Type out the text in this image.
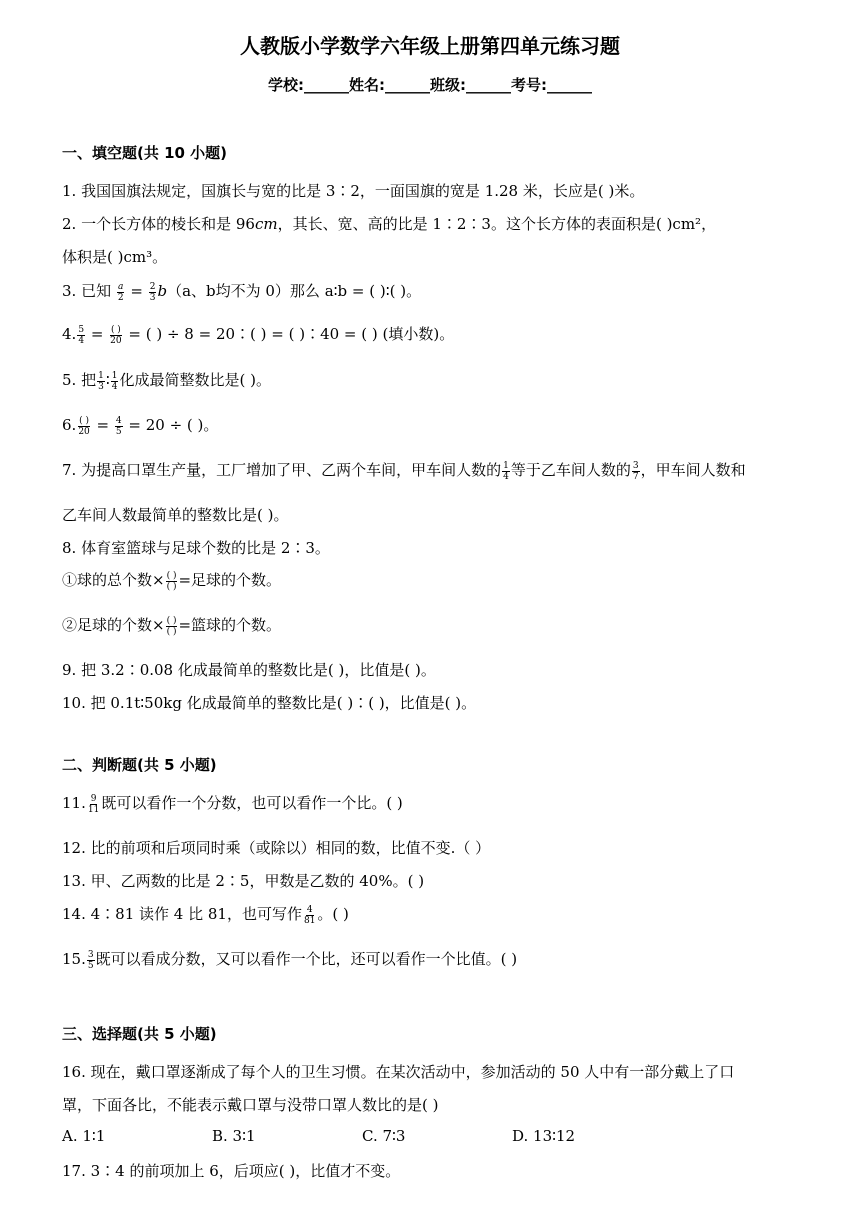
人教版小学数学六年级上册第四单元练习题
学校:______姓名:______班级:______考号:______
一、填空题(共 10 小题)
1. 我国国旗法规定，国旗长与宽的比是 3∶2，一面国旗的宽是 1.28 米，长应是( )米。
2. 一个长方体的棱长和是 96cm，其长、宽、高的比是 1∶2∶3。这个长方体的表面积是( )cm²，
体积是( )cm³。
3. 已知 $\frac{a}{2} = \frac{2}{3} b(a$、b均不为 0）那么 a∶b = ( )∶( )。
4. $\frac{5}{4} = \frac{( )}{20}$ = ( ) ÷ 8 = 20∶( ) = ( )∶40 = ( ) (填小数)。
5. 把 $\frac{1}{3}$ ∶ $\frac{1}{4}$ 化成最简整数比是( )。
6. $\frac{( )}{20} = \frac{4}{5} = 20$ ÷ ( )。
7. 为提高口罩生产量，工厂增加了甲、乙两个车间，甲车间人数的 $\frac{1}{4}$ 等于乙车间人数的 $\frac{3}{7}$ ，甲车间人数和
乙车间人数最简单的整数比是( )。
8. 体育室篮球与足球个数的比是 2∶3。
①球的总个数× $\frac{( )}{( )}$ =足球的个数。
②足球的个数× $\frac{( )}{( )}$ =篮球的个数。
9. 把 3.2∶0.08 化成最简单的整数比是( )，比值是( )。
10. 把 0.1t∶50kg 化成最简单的整数比是( )∶( )，比值是( )。
二、判断题(共 5 小题)
11. $\frac{9}{11}$ 既可以看作一个分数，也可以看作一个比。( )
12. 比的前项和后项同时乘（或除以）相同的数，比值不变.（ ）
13. 甲、乙两数的比是 2∶5，甲数是乙数的 40%。( )
14. 4∶81 读作 4 比 81，也可写作 $\frac{4}{81}$ 。( )
15. $\frac{3}{5}$ 既可以看成分数，又可以看作一个比，还可以看作一个比值。( )
三、选择题(共 5 小题)
16. 现在，戴口罩逐渐成了每个人的卫生习惯。在某次活动中，参加活动的 50 人中有一部分戴上了口
罩，下面各比，不能表示戴口罩与没带口罩人数比的是( )
A. 1∶1	B. 3∶1	C. 7∶3	D. 13∶12
17. 3∶4 的前项加上 6，后项应( )，比值才不变。
